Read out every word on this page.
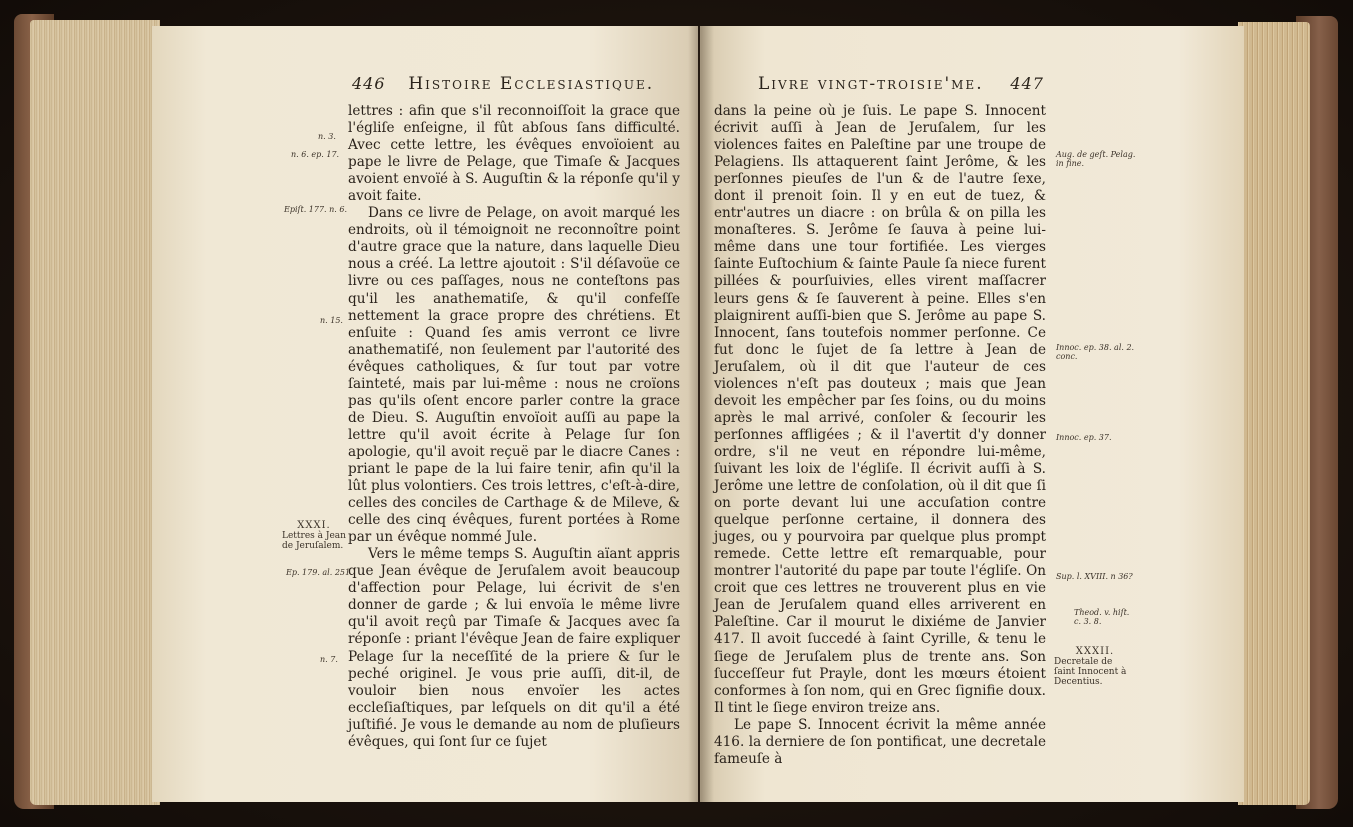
446 Histoire Ecclesiastique.

lettres : afin que s'il reconnoiſſoit la grace que l'égliſe enſeigne, il fût abſous ſans difficulté. Avec cette lettre, les évêques envoïoient au pape le livre de Pelage, que Timaſe & Jacques avoient envoïé à S. Auguſtin & la réponſe qu'il y avoit faite.

Dans ce livre de Pelage, on avoit marqué les endroits, où il témoignoit ne reconnoître point d'autre grace que la nature, dans laquelle Dieu nous a créé. La lettre ajoutoit : S'il déſavoüe ce livre ou ces paſſages, nous ne conteſtons pas qu'il les anathematiſe, & qu'il confeſſe nettement la grace propre des chrétiens. Et enſuite : Quand ſes amis verront ce livre anathematiſé, non ſeulement par l'autorité des évêques catholiques, & ſur tout par votre ſainteté, mais par lui-même : nous ne croïons pas qu'ils oſent encore parler contre la grace de Dieu. S. Auguſtin envoïoit auſſi au pape la lettre qu'il avoit écrite à Pelage ſur ſon apologie, qu'il avoit reçuë par le diacre Canes : priant le pape de la lui faire tenir, afin qu'il la lût plus volontiers. Ces trois lettres, c'eſt-à-dire, celles des conciles de Carthage & de Mileve, & celle des cinq évêques, furent portées à Rome par un évêque nommé Jule.

Vers le même temps S. Auguſtin aïant appris que Jean évêque de Jeruſalem avoit beaucoup d'affection pour Pelage, lui écrivit de s'en donner de garde ; & lui envoïa le même livre qu'il avoit reçû par Timaſe & Jacques avec ſa réponſe : priant l'évêque Jean de faire expliquer Pelage ſur la neceſſité de la priere & ſur le peché originel. Je vous prie auſſi, dit-il, de vouloir bien nous envoïer les actes eccleſiaſtiques, par leſquels on dit qu'il a été juſtifié. Je vous le demande au nom de pluſieurs évêques, qui ſont ſur ce ſujet

n. 3.
n. 6. ep. 17.
Epiſt. 177. n. 6.
n. 15.
Ep. 179. al. 251.
n. 7.
XXXI.
Lettres à Jean de Jeruſalem.
Livre vingt-troisie'me. 447

dans la peine où je ſuis. Le pape S. Innocent écrivit auſſi à Jean de Jeruſalem, ſur les violences faites en Paleſtine par une troupe de Pelagiens. Ils attaquerent ſaint Jerôme, & les perſonnes pieuſes de l'un & de l'autre ſexe, dont il prenoit ſoin. Il y en eut de tuez, & entr'autres un diacre : on brûla & on pilla les monaſteres. S. Jerôme ſe ſauva à peine lui-même dans une tour fortifiée. Les vierges ſainte Euſtochium & ſainte Paule ſa niece furent pillées & pourſuivies, elles virent maſſacrer leurs gens & ſe ſauverent à peine. Elles s'en plaignirent auſſi-bien que S. Jerôme au pape S. Innocent, ſans toutefois nommer perſonne. Ce fut donc le ſujet de ſa lettre à Jean de Jeruſalem, où il dit que l'auteur de ces violences n'eſt pas douteux ; mais que Jean devoit les empêcher par ſes ſoins, ou du moins après le mal arrivé, conſoler & ſecourir les perſonnes affligées ; & il l'avertit d'y donner ordre, s'il ne veut en répondre lui-même, ſuivant les loix de l'égliſe. Il écrivit auſſi à S. Jerôme une lettre de conſolation, où il dit que ſi on porte devant lui une accuſation contre quelque perſonne certaine, il donnera des juges, ou y pourvoira par quelque plus prompt remede. Cette lettre eſt remarquable, pour montrer l'autorité du pape par toute l'égliſe. On croit que ces lettres ne trouverent plus en vie Jean de Jeruſalem quand elles arriverent en Paleſtine. Car il mourut le dixiéme de Janvier 417. Il avoit ſuccedé à ſaint Cyrille, & tenu le ſiege de Jeruſalem plus de trente ans. Son ſucceſſeur fut Prayle, dont les mœurs étoient conformes à ſon nom, qui en Grec ſignifie doux. Il tint le ſiege environ treize ans.

Le pape S. Innocent écrivit la même année 416. la derniere de ſon pontificat, une decretale fameuſe à

Aug. de geſt. Pelag. in fine.
Innoc. ep. 38. al. 2. conc.
Innoc. ep. 37.
Sup. l. XVIII. n 36?
Theod. v. hiſt. c. 3. 8.
XXXII.
Decretale de ſaint Innocent à Decentius.
